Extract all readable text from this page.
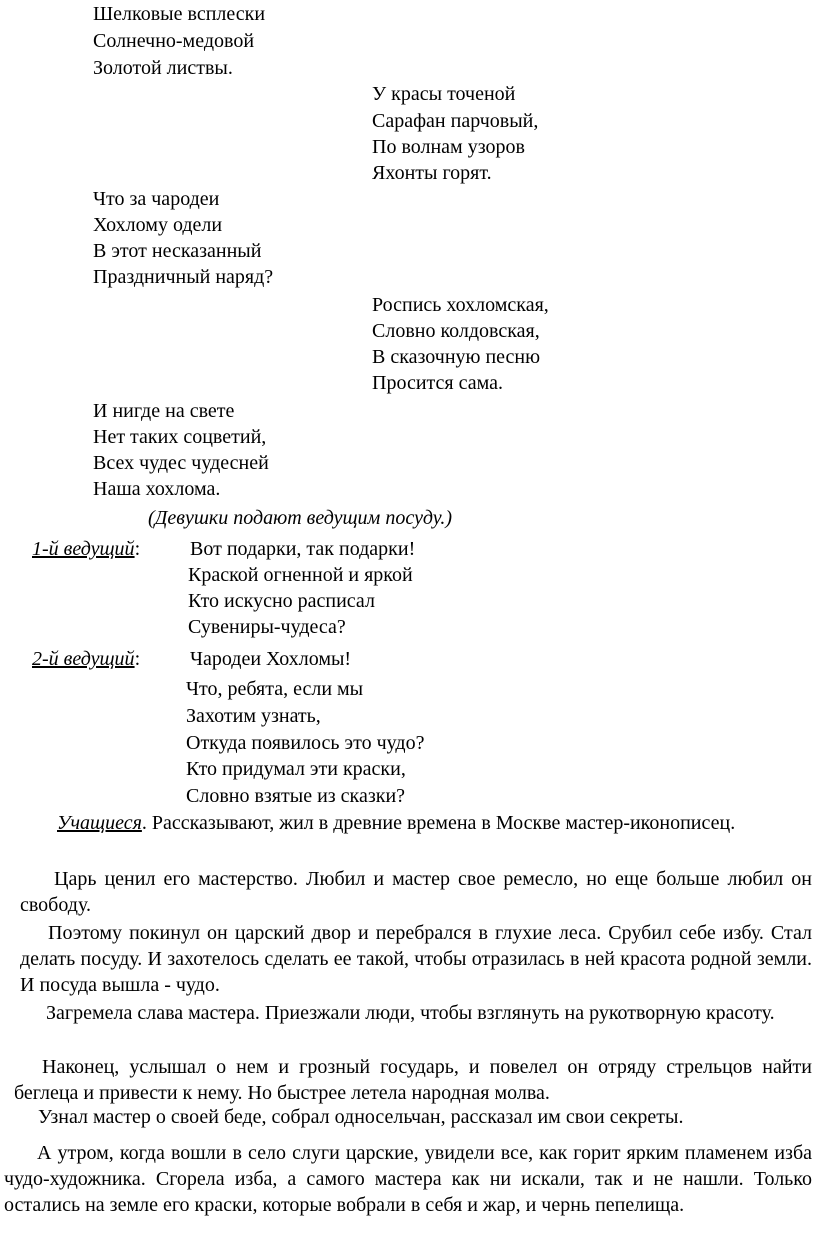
Шелковые всплески
Солнечно-медовой
Золотой листвы.
У красы точеной
Сарафан парчовый,
По волнам узоров
Яхонты горят.
Что за чародеи
Хохлому одели
В этот несказанный
Праздничный наряд?
Роспись хохломская,
Словно колдовская,
В сказочную песню
Просится сама.
И нигде на свете
Нет таких соцветий,
Всех чудес чудесней
Наша хохлома.
(Девушки подают ведущим посуду.)
1-й ведущий: Вот подарки, так подарки!
Краской огненной и яркой
Кто искусно расписал
Сувениры-чудеса?
2-й ведущий: Чародеи Хохломы!
Что, ребята, если мы
Захотим узнать,
Откуда появилось это чудо?
Кто придумал эти краски,
Словно взятые из сказки?
Учащиеся. Рассказывают, жил в древние времена в Москве мастер-иконописец.
Царь ценил его мастерство. Любил и мастер свое ремесло, но еще больше любил он свободу.
Поэтому покинул он царский двор и перебрался в глухие леса. Срубил себе избу. Стал делать посуду. И захотелось сделать ее такой, чтобы отразилась в ней красота родной земли. И посуда вышла - чудо.
Загремела слава мастера. Приезжали люди, чтобы взглянуть на рукотворную красоту.
Наконец, услышал о нем и грозный государь, и повелел он отряду стрельцов найти беглеца и привести к нему. Но быстрее летела народная молва.
Узнал мастер о своей беде, собрал односельчан, рассказал им свои секреты.
А утром, когда вошли в село слуги царские, увидели все, как горит ярким пламенем изба чудо-художника. Сгорела изба, а самого мастера как ни искали, так и не нашли. Только остались на земле его краски, которые вобрали в себя и жар, и чернь пепелища.
